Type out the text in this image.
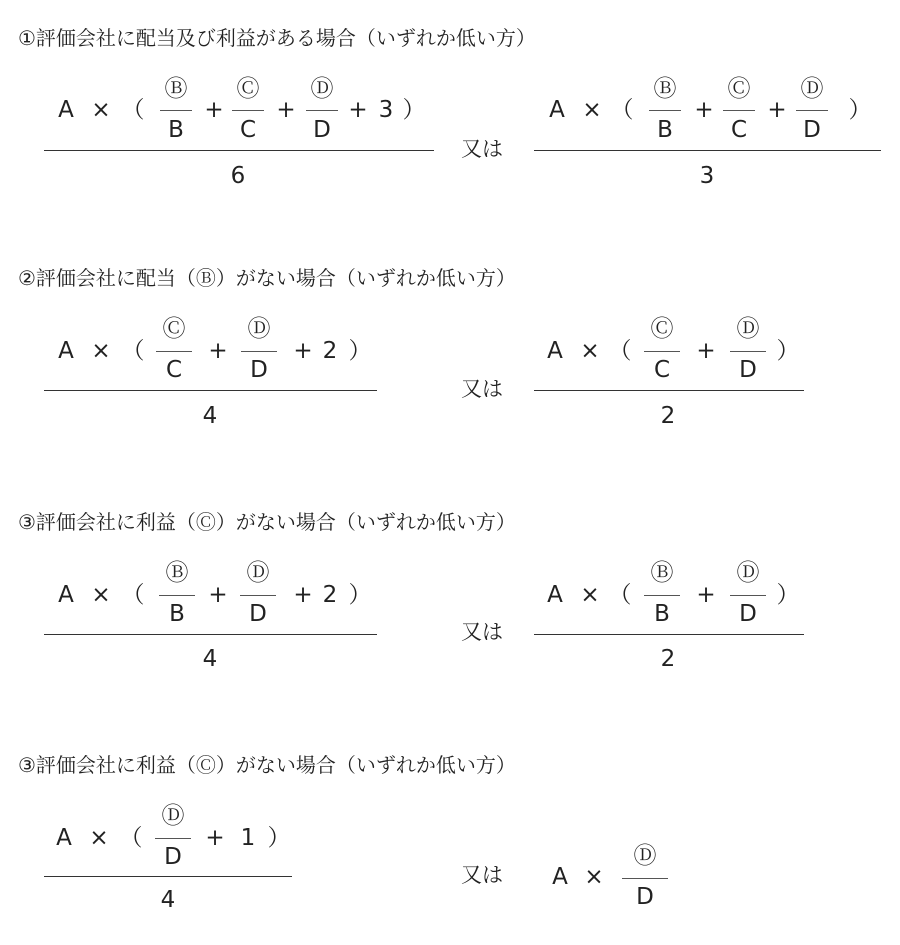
①評価会社に配当及び利益がある場合（いずれか低い方）
A × （
Ⓑ
B
+
Ⓒ
C
+
Ⓓ
D
+ 3 ）
6
又は
A × （
Ⓑ
B
+
Ⓒ
C
+
Ⓓ
D
）
3
②評価会社に配当（Ⓑ）がない場合（いずれか低い方）
A × （
Ⓒ
C
+
Ⓓ
D
+ 2 ）
4
又は
A × （
Ⓒ
C
+
Ⓓ
D
）
2
③評価会社に利益（Ⓒ）がない場合（いずれか低い方）
A × （
Ⓑ
B
+
Ⓓ
D
+ 2 ）
4
又は
A × （
Ⓑ
B
+
Ⓓ
D
）
2
③評価会社に利益（Ⓒ）がない場合（いずれか低い方）
A × （
Ⓓ
D
+ 1 ）
4
又は A ×
Ⓓ
D
